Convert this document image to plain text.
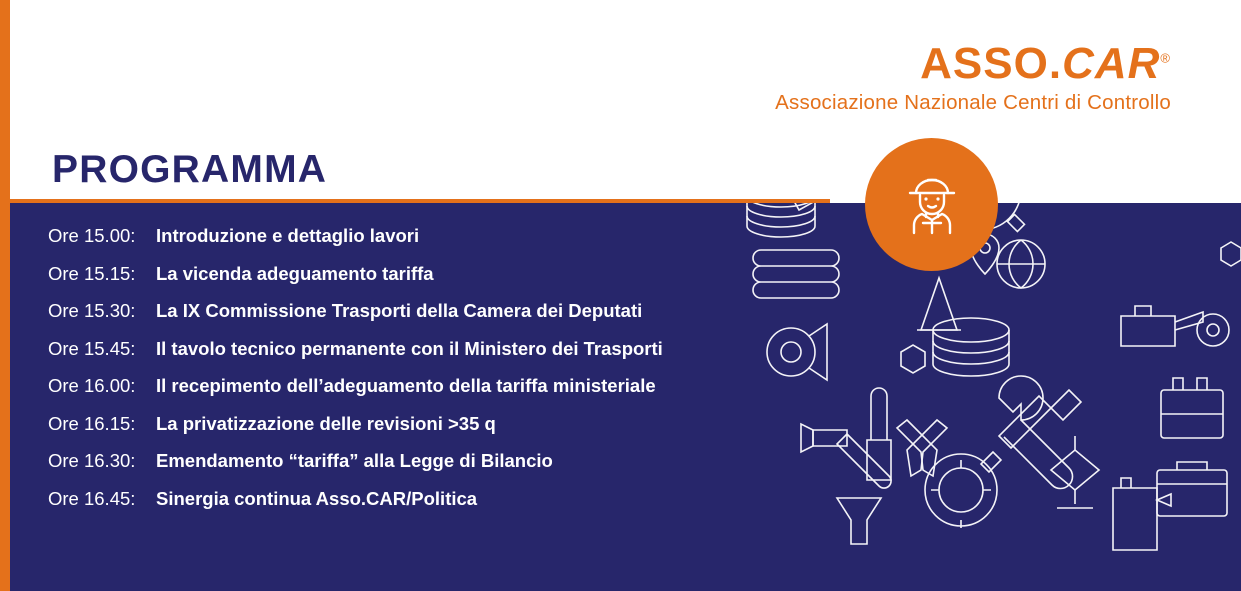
ASSO.CAR®
Associazione Nazionale Centri di Controllo
PROGRAMMA
Ore 15.00:	Introduzione e dettaglio lavori
Ore 15.15:	La vicenda adeguamento tariffa
Ore 15.30:	La IX Commissione Trasporti della Camera dei Deputati
Ore 15.45:	Il tavolo tecnico permanente con il Ministero dei Trasporti
Ore 16.00:	Il recepimento dell’adeguamento della tariffa ministeriale
Ore 16.15:	La privatizzazione delle revisioni >35 q
Ore 16.30:	Emendamento “tariffa” alla Legge di Bilancio
Ore 16.45:	Sinergia continua Asso.CAR/Politica
